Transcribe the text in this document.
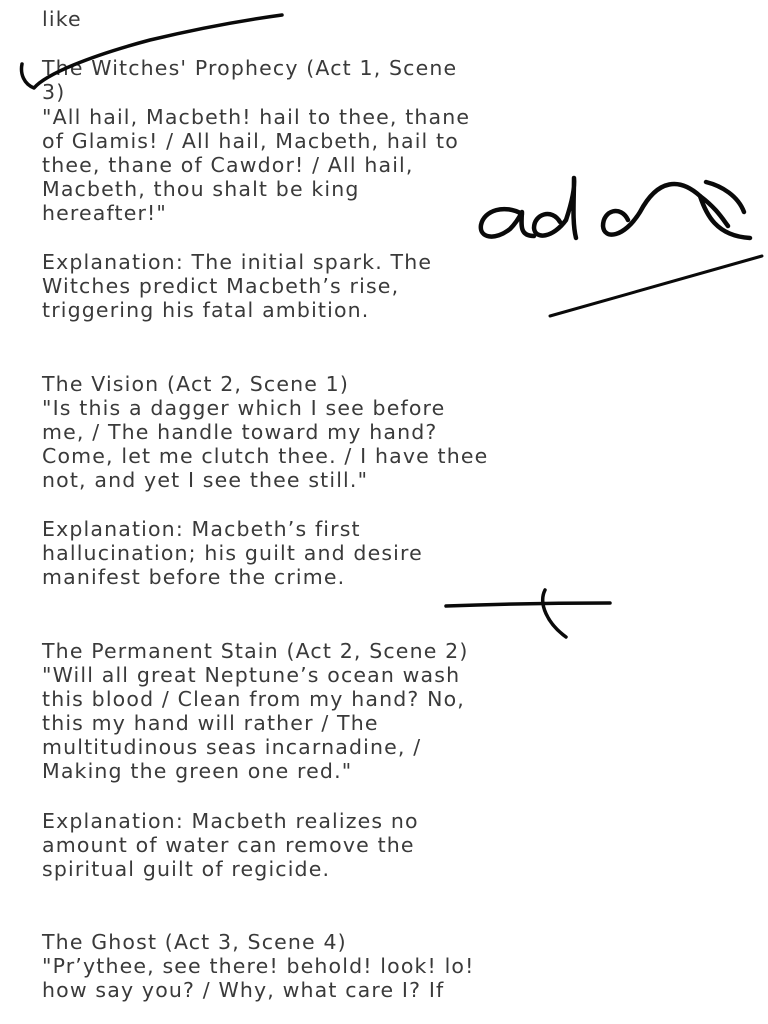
like

The Witches' Prophecy (Act 1, Scene

3)

"All hail, Macbeth! hail to thee, thane

of Glamis! / All hail, Macbeth, hail to

thee, thane of Cawdor! / All hail,

Macbeth, thou shalt be king

hereafter!"

Explanation: The initial spark. The

Witches predict Macbeth’s rise,

triggering his fatal ambition.

The Vision (Act 2, Scene 1)

"Is this a dagger which I see before

me, / The handle toward my hand?

Come, let me clutch thee. / I have thee

not, and yet I see thee still."

Explanation: Macbeth’s first

hallucination; his guilt and desire

manifest before the crime.

The Permanent Stain (Act 2, Scene 2)

"Will all great Neptune’s ocean wash

this blood / Clean from my hand? No,

this my hand will rather / The

multitudinous seas incarnadine, /

Making the green one red."

Explanation: Macbeth realizes no

amount of water can remove the

spiritual guilt of regicide.

The Ghost (Act 3, Scene 4)

"Pr’ythee, see there! behold! look! lo!

how say you? / Why, what care I? If
